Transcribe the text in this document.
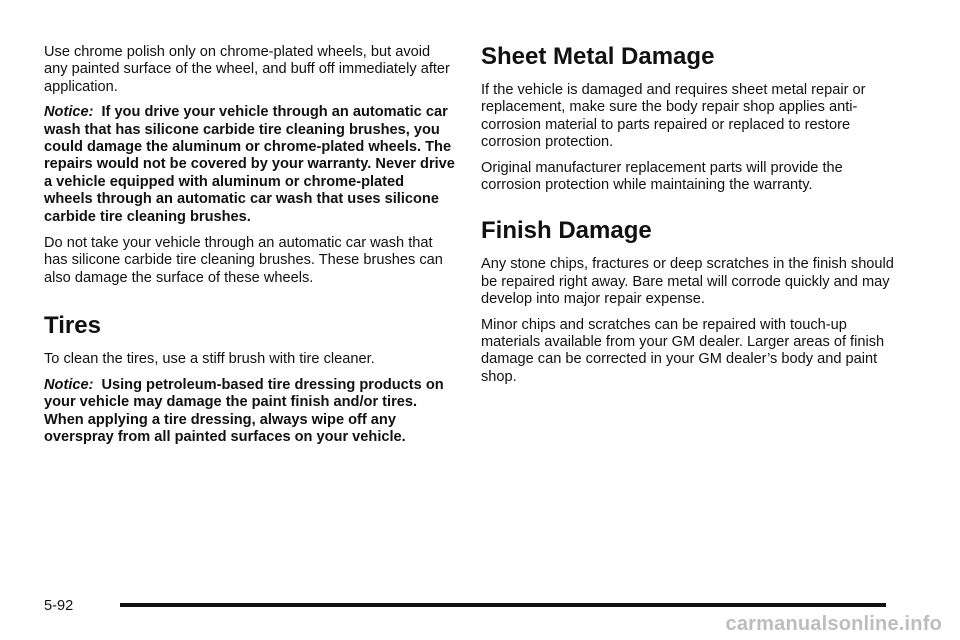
Use chrome polish only on chrome-plated wheels, but avoid any painted surface of the wheel, and buff off immediately after application.

Notice: If you drive your vehicle through an automatic car wash that has silicone carbide tire cleaning brushes, you could damage the aluminum or chrome-plated wheels. The repairs would not be covered by your warranty. Never drive a vehicle equipped with aluminum or chrome-plated wheels through an automatic car wash that uses silicone carbide tire cleaning brushes.

Do not take your vehicle through an automatic car wash that has silicone carbide tire cleaning brushes. These brushes can also damage the surface of these wheels.

Tires

To clean the tires, use a stiff brush with tire cleaner.

Notice: Using petroleum-based tire dressing products on your vehicle may damage the paint finish and/or tires. When applying a tire dressing, always wipe off any overspray from all painted surfaces on your vehicle.

Sheet Metal Damage

If the vehicle is damaged and requires sheet metal repair or replacement, make sure the body repair shop applies anti-corrosion material to parts repaired or replaced to restore corrosion protection.

Original manufacturer replacement parts will provide the corrosion protection while maintaining the warranty.

Finish Damage

Any stone chips, fractures or deep scratches in the finish should be repaired right away. Bare metal will corrode quickly and may develop into major repair expense.

Minor chips and scratches can be repaired with touch-up materials available from your GM dealer. Larger areas of finish damage can be corrected in your GM dealer’s body and paint shop.

5-92
carmanualsonline.info
